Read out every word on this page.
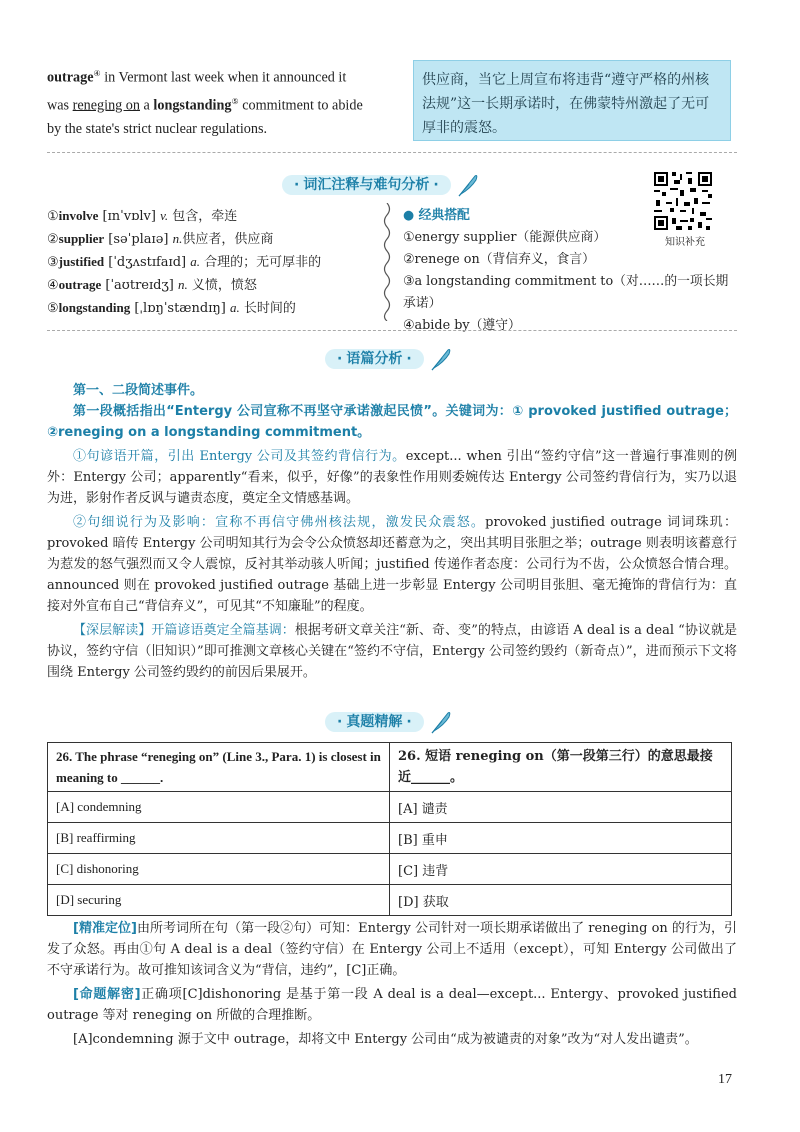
outrage④ in Vermont last week when it announced it
was reneging on a longstanding⑤ commitment to abide
by the state's strict nuclear regulations.
供应商，当它上周宣布将违背“遵守严格的州核法规”这一长期承诺时，在佛蒙特州激起了无可厚非的震怒。
· 词汇注释与难句分析 ·
①involve [ɪnˈvɒlv] v. 包含，牵连
②supplier [səˈplaɪə] n.供应者，供应商
③justified [ˈdʒʌstɪfaɪd] a. 合理的；无可厚非的
④outrage [ˈaʊtreɪdʒ] n. 义愤，愤怒
⑤longstanding [ˌlɒŋˈstændɪŋ] a. 长时间的
● 经典搭配
①energy supplier（能源供应商）
②renege on（背信弃义，食言）
③a longstanding commitment to（对……的一项长期承诺）
④abide by（遵守）
知识补充
· 语篇分析 ·
第一、二段简述事件。
第一段概括指出“Entergy 公司宣称不再坚守承诺激起民愤”。关键词为：① provoked justified outrage；②reneging on a longstanding commitment。
①句谚语开篇，引出 Entergy 公司及其签约背信行为。except... when 引出“签约守信”这一普遍行事准则的例外：Entergy 公司；apparently“看来，似乎，好像”的表象性作用则委婉传达 Entergy 公司签约背信行为，实乃以退为进，影射作者反讽与谴责态度，奠定全文情感基调。
②句细说行为及影响：宣称不再信守佛州核法规，激发民众震怒。provoked justified outrage 词词珠玑：provoked 暗传 Entergy 公司明知其行为会令公众愤怒却还蓄意为之，突出其明目张胆之举；outrage 则表明该蓄意行为惹发的怒气强烈而又令人震惊，反衬其举动骇人听闻；justified 传递作者态度：公司行为不齿，公众愤怒合情合理。announced 则在 provoked justified outrage 基础上进一步彰显 Entergy 公司明目张胆、毫无掩饰的背信行为：直接对外宣布自己“背信弃义”，可见其“不知廉耻”的程度。
【深层解读】开篇谚语奠定全篇基调：根据考研文章关注“新、奇、变”的特点，由谚语 A deal is a deal “协议就是协议，签约守信（旧知识）”即可推测文章核心关键在“签约不守信，Entergy 公司签约毁约（新奇点）”，进而预示下文将围绕 Entergy 公司签约毁约的前因后果展开。
· 真题精解 ·
26. The phrase “reneging on” (Line 3., Para. 1) is closest in meaning to ______.	26. 短语 reneging on（第一段第三行）的意思最接近______。
[A] condemning	[A] 谴责
[B] reaffirming	[B] 重申
[C] dishonoring	[C] 违背
[D] securing	[D] 获取
[精准定位]由所考词所在句（第一段②句）可知：Entergy 公司针对一项长期承诺做出了 reneging on 的行为，引发了众怒。再由①句 A deal is a deal（签约守信）在 Entergy 公司上不适用（except），可知 Entergy 公司做出了不守承诺行为。故可推知该词含义为“背信，违约”，[C]正确。
[命题解密]正确项[C]dishonoring 是基于第一段 A deal is a deal—except... Entergy、provoked justified outrage 等对 reneging on 所做的合理推断。
[A]condemning 源于文中 outrage，却将文中 Entergy 公司由“成为被谴责的对象”改为“对人发出谴责”。
17
